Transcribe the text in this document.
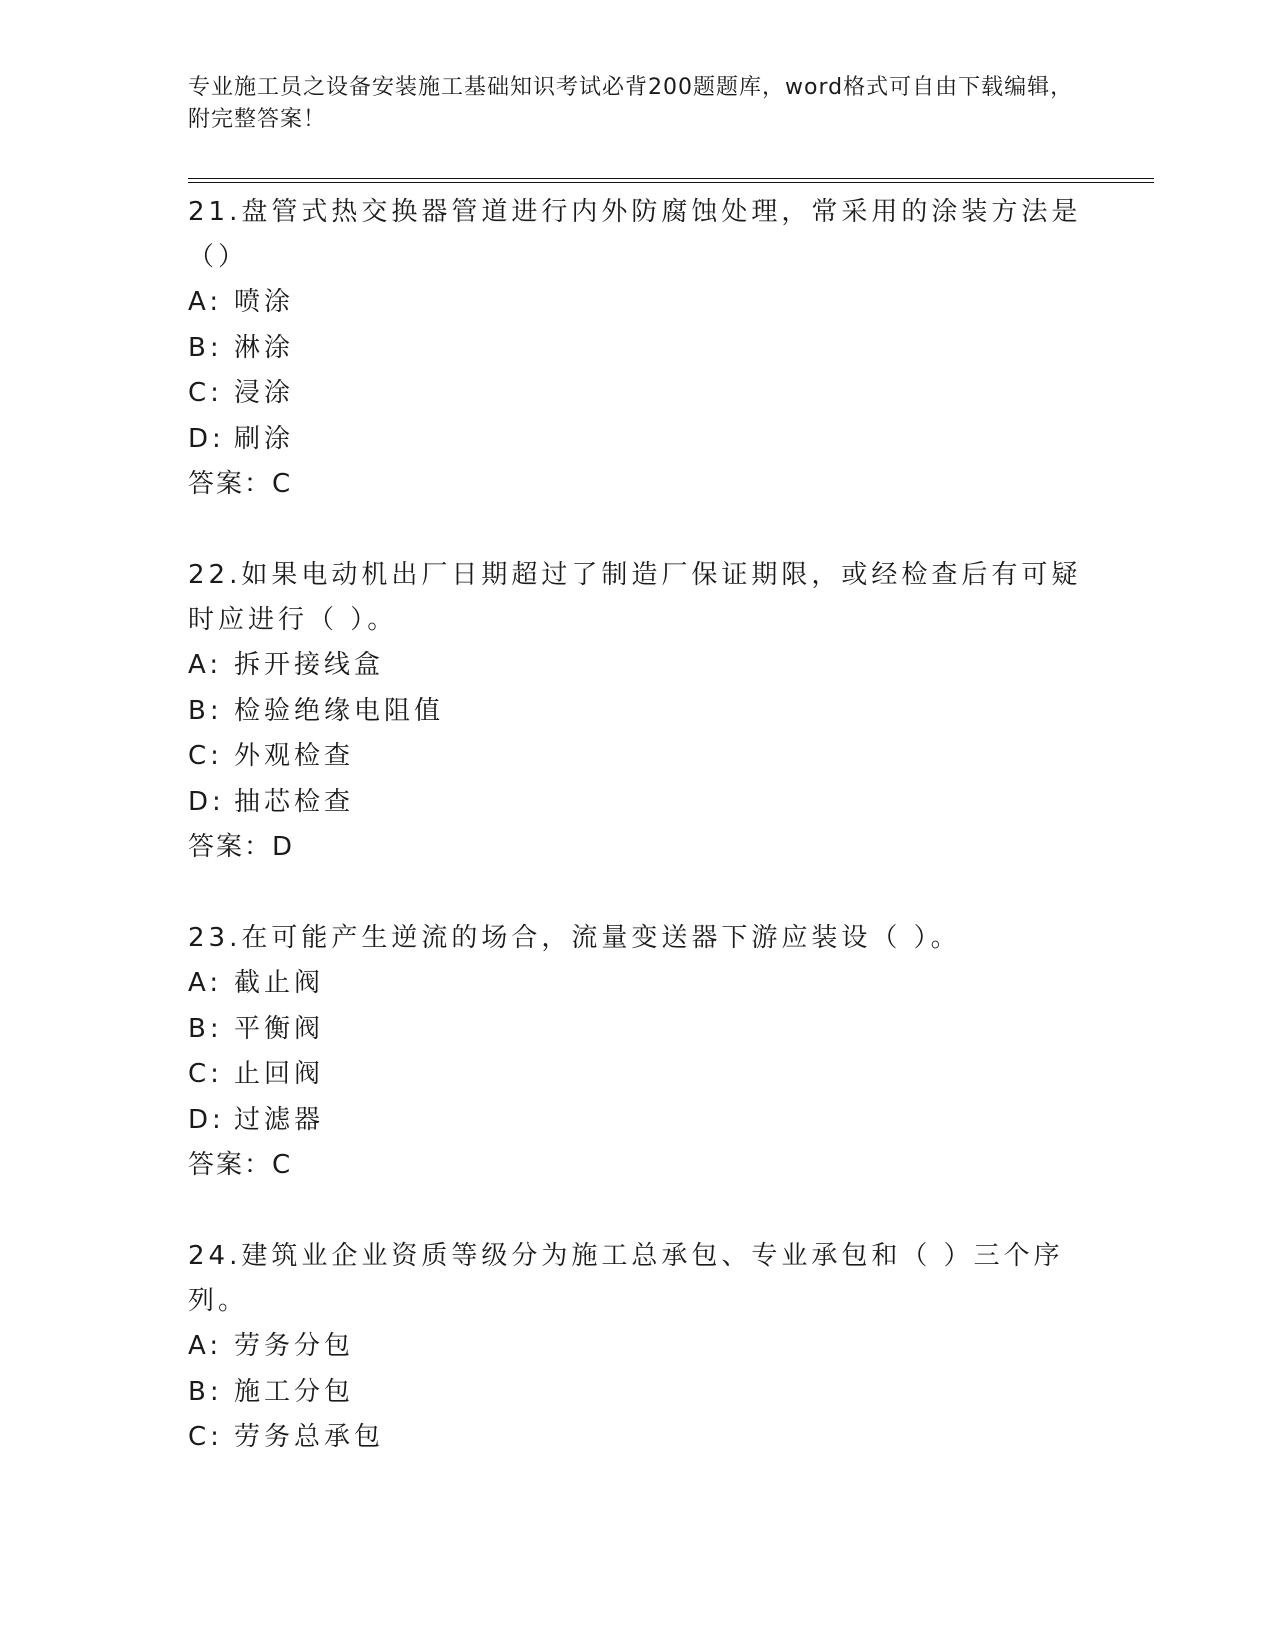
专业施工员之设备安装施工基础知识考试必背200题题库，word格式可自由下载编辑，附完整答案！
21.盘管式热交换器管道进行内外防腐蚀处理，常采用的涂装方法是（）
A: 喷涂
B: 淋涂
C: 浸涂
D: 刷涂
答案：C
22.如果电动机出厂日期超过了制造厂保证期限，或经检查后有可疑时应进行（ ）。
A: 拆开接线盒
B: 检验绝缘电阻值
C: 外观检查
D: 抽芯检查
答案：D
23.在可能产生逆流的场合，流量变送器下游应装设（ ）。
A: 截止阀
B: 平衡阀
C: 止回阀
D: 过滤器
答案：C
24.建筑业企业资质等级分为施工总承包、专业承包和（ ）三个序列。
A: 劳务分包
B: 施工分包
C: 劳务总承包
